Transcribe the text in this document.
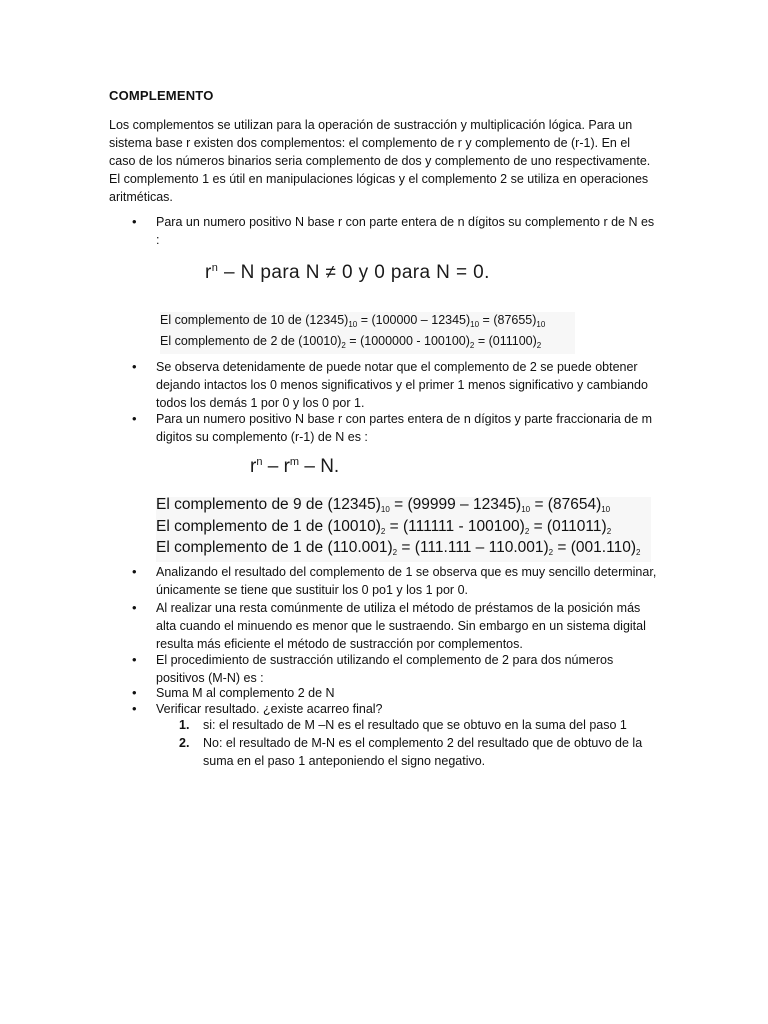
COMPLEMENTO
Los complementos se utilizan para la operación de sustracción y multiplicación lógica. Para un sistema base r existen dos complementos: el complemento de r y complemento de (r-1). En el caso de los números binarios seria complemento de dos y complemento de uno respectivamente. El complemento 1 es útil en manipulaciones lógicas y el complemento 2 se utiliza en operaciones aritméticas.
• Para un numero positivo N base r con parte entera de n dígitos su complemento r de N es :
• Se observa detenidamente de puede notar que el complemento de 2 se puede obtener dejando intactos los 0 menos significativos y el primer 1 menos significativo y cambiando todos los demás 1 por 0 y los 0 por 1.
• Para un numero positivo N base r con partes entera de n dígitos y parte fraccionaria de m digitos su complemento (r-1) de N es :
• Analizando el resultado del complemento de 1 se observa que es muy sencillo determinar, únicamente se tiene que sustituir los 0 po1 y los 1 por 0.
• Al realizar una resta comúnmente de utiliza el método de préstamos de la posición más alta cuando el minuendo es menor que le sustraendo. Sin embargo en un sistema digital resulta más eficiente el método de sustracción por complementos.
• El procedimiento de sustracción utilizando el complemento de 2 para dos números positivos (M-N) es :
• Suma M al complemento 2 de N
• Verificar resultado. ¿existe acarreo final?
1. si: el resultado de M –N es el resultado que se obtuvo en la suma del paso 1
2. No: el resultado de M-N es el complemento 2 del resultado que de obtuvo de la suma en el paso 1 anteponiendo el signo negativo.
$r^n$ – N para N ≠ 0 y 0 para N = 0.
El complemento de 10 de $(12345)_{10} = (100000 - 12345)_{10} = (87655)_{10}$
El complemento de 2 de $(10010)_2 = (1000000 - 100100)_2 = (011100)_2$
$r^n - r^m$ – N.
El complemento de 9 de $(12345)_{10} = (99999 - 12345)_{10} = (87654)_{10}$
El complemento de 1 de $(10010)_2 = (111111 - 100100)_2 = (011011)_2$
El complemento de 1 de $(110.001)_2 = (111.111 - 110.001)_2 = (001.110)_2$
